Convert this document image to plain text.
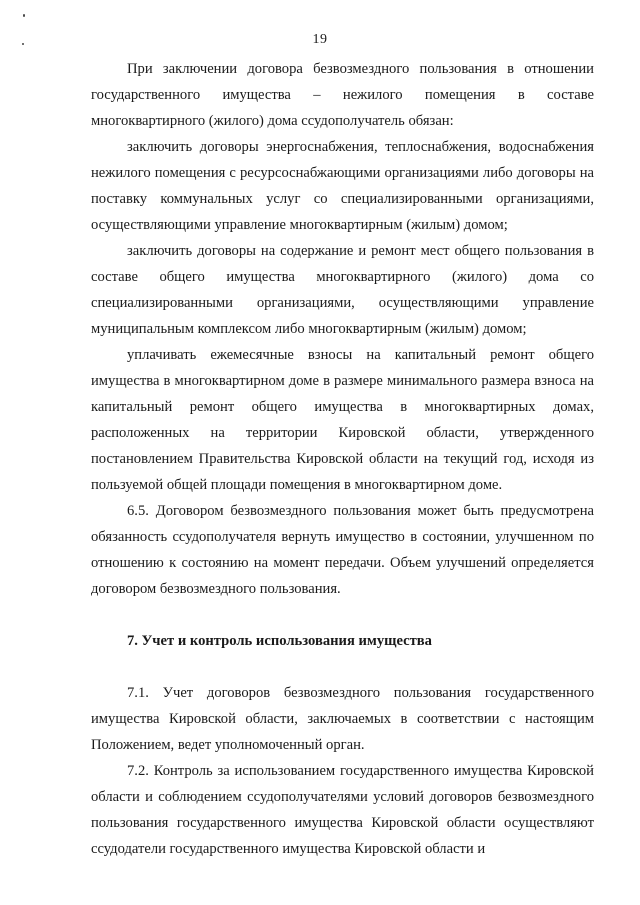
19

При заключении договора безвозмездного пользования в отношении государственного имущества – нежилого помещения в составе многоквартирного (жилого) дома ссудополучатель обязан:

заключить договоры энергоснабжения, теплоснабжения, водоснабжения нежилого помещения с ресурсоснабжающими организациями либо договоры на поставку коммунальных услуг со специализированными организациями, осуществляющими управление многоквартирным (жилым) домом;

заключить договоры на содержание и ремонт мест общего пользования в составе общего имущества многоквартирного (жилого) дома со специализированными организациями, осуществляющими управление муниципальным комплексом либо многоквартирным (жилым) домом;

уплачивать ежемесячные взносы на капитальный ремонт общего имущества в многоквартирном доме в размере минимального размера взноса на капитальный ремонт общего имущества в многоквартирных домах, расположенных на территории Кировской области, утвержденного постановлением Правительства Кировской области на текущий год, исходя из пользуемой общей площади помещения в многоквартирном доме.

6.5. Договором безвозмездного пользования может быть предусмотрена обязанность ссудополучателя вернуть имущество в состоянии, улучшенном по отношению к состоянию на момент передачи. Объем улучшений определяется договором безвозмездного пользования.

7. Учет и контроль использования имущества

7.1. Учет договоров безвозмездного пользования государственного имущества Кировской области, заключаемых в соответствии с настоящим Положением, ведет уполномоченный орган.

7.2. Контроль за использованием государственного имущества Кировской области и соблюдением ссудополучателями условий договоров безвозмездного пользования государственного имущества Кировской области осуществляют ссудодатели государственного имущества Кировской области и
